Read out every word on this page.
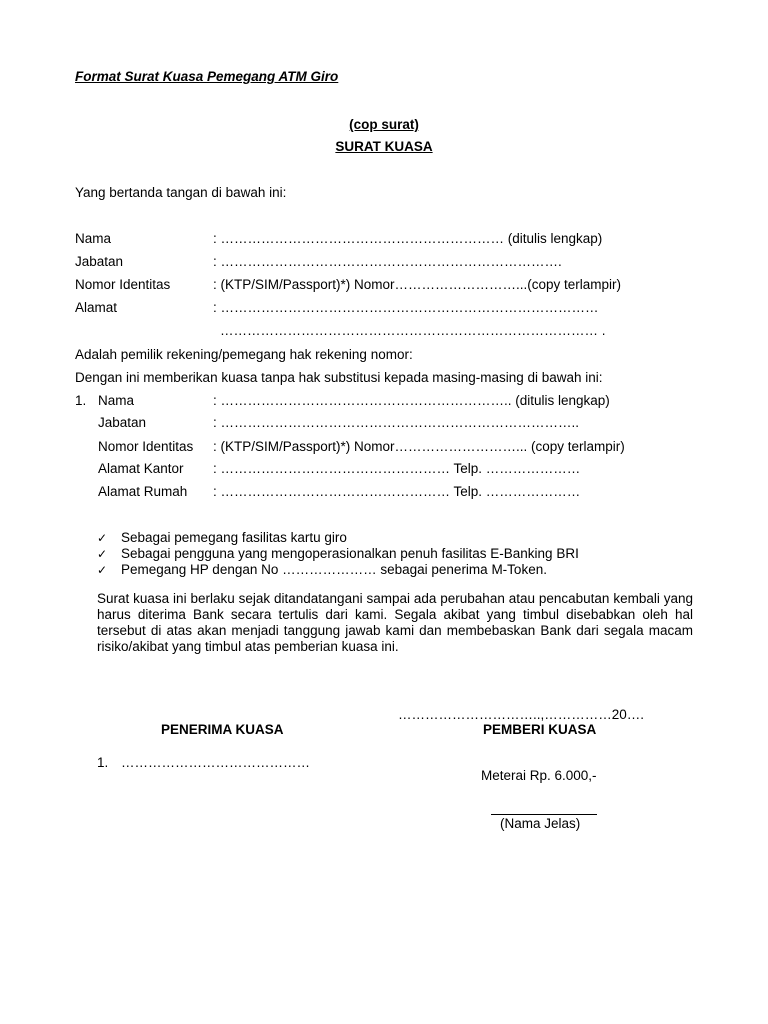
Format Surat Kuasa Pemegang ATM Giro
(cop surat)
SURAT KUASA
Yang bertanda tangan di bawah ini:
Nama	: ……………………………………………………… (ditulis lengkap)
Jabatan	: ………………………………………………………………….
Nomor Identitas	: (KTP/SIM/Passport)*) Nomor………………………...(copy terlampir)
Alamat	: …………………………………………………………………………
………………………………………………………………………… .
Adalah pemilik rekening/pemegang hak rekening nomor:
Dengan ini memberikan kuasa tanpa hak substitusi kepada masing-masing di bawah ini:
1. Nama	: ……………………………………………………….. (ditulis lengkap)
Jabatan	: ……………………………………………………………………..
Nomor Identitas : (KTP/SIM/Passport)*) Nomor………………………... (copy terlampir)
Alamat Kantor : …………………………………………… Telp. …………………
Alamat Rumah : …………………………………………… Telp. …………………
✓ Sebagai pemegang fasilitas kartu giro
✓ Sebagai pengguna yang mengoperasionalkan penuh fasilitas E-Banking BRI
✓ Pemegang HP dengan No ………………… sebagai penerima M-Token.
Surat kuasa ini berlaku sejak ditandatangani sampai ada perubahan atau pencabutan kembali yang harus diterima Bank secara tertulis dari kami. Segala akibat yang timbul disebabkan oleh hal tersebut di atas akan menjadi tanggung jawab kami dan membebaskan Bank dari segala macam risiko/akibat yang timbul atas pemberian kuasa ini.
…………………………..,……………20….
PENERIMA KUASA	PEMBERI KUASA
1. ……………………………………
Meterai Rp. 6.000,-
(Nama Jelas)
